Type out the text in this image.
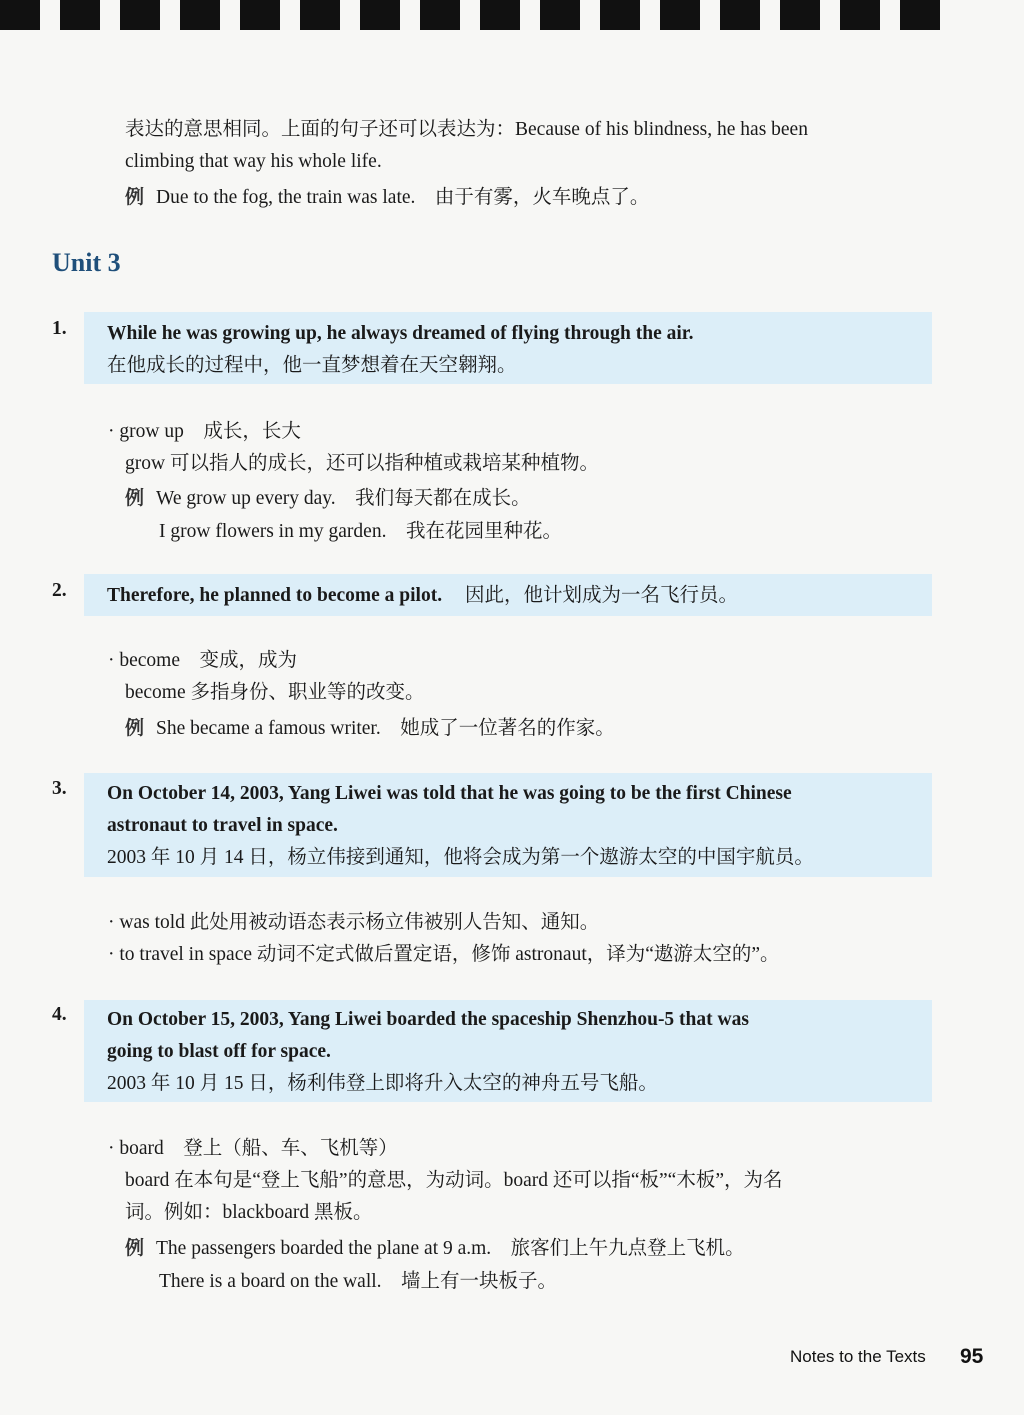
表达的意思相同。上面的句子还可以表达为：Because of his blindness, he has been
climbing that way his whole life.
例 Due to the fog, the train was late.　由于有雾，火车晚点了。
Unit 3
1. While he was growing up, he always dreamed of flying through the air.
在他成长的过程中，他一直梦想着在天空翱翔。
· grow up　成长，长大
grow 可以指人的成长，还可以指种植或栽培某种植物。
例 We grow up every day.　我们每天都在成长。
I grow flowers in my garden.　我在花园里种花。
2. Therefore, he planned to become a pilot. 因此，他计划成为一名飞行员。
· become　变成，成为
become 多指身份、职业等的改变。
例 She became a famous writer.　她成了一位著名的作家。
3. On October 14, 2003, Yang Liwei was told that he was going to be the first Chinese
astronaut to travel in space.
2003 年 10 月 14 日，杨立伟接到通知，他将会成为第一个遨游太空的中国宇航员。
· was told 此处用被动语态表示杨立伟被别人告知、通知。
· to travel in space 动词不定式做后置定语，修饰 astronaut，译为“遨游太空的”。
4. On October 15, 2003, Yang Liwei boarded the spaceship Shenzhou-5 that was
going to blast off for space.
2003 年 10 月 15 日，杨利伟登上即将升入太空的神舟五号飞船。
· board　登上（船、车、飞机等）
board 在本句是“登上飞船”的意思，为动词。board 还可以指“板”“木板”，为名
词。例如：blackboard 黑板。
例 The passengers boarded the plane at 9 a.m.　旅客们上午九点登上飞机。
There is a board on the wall.　墙上有一块板子。
Notes to the Texts 95
